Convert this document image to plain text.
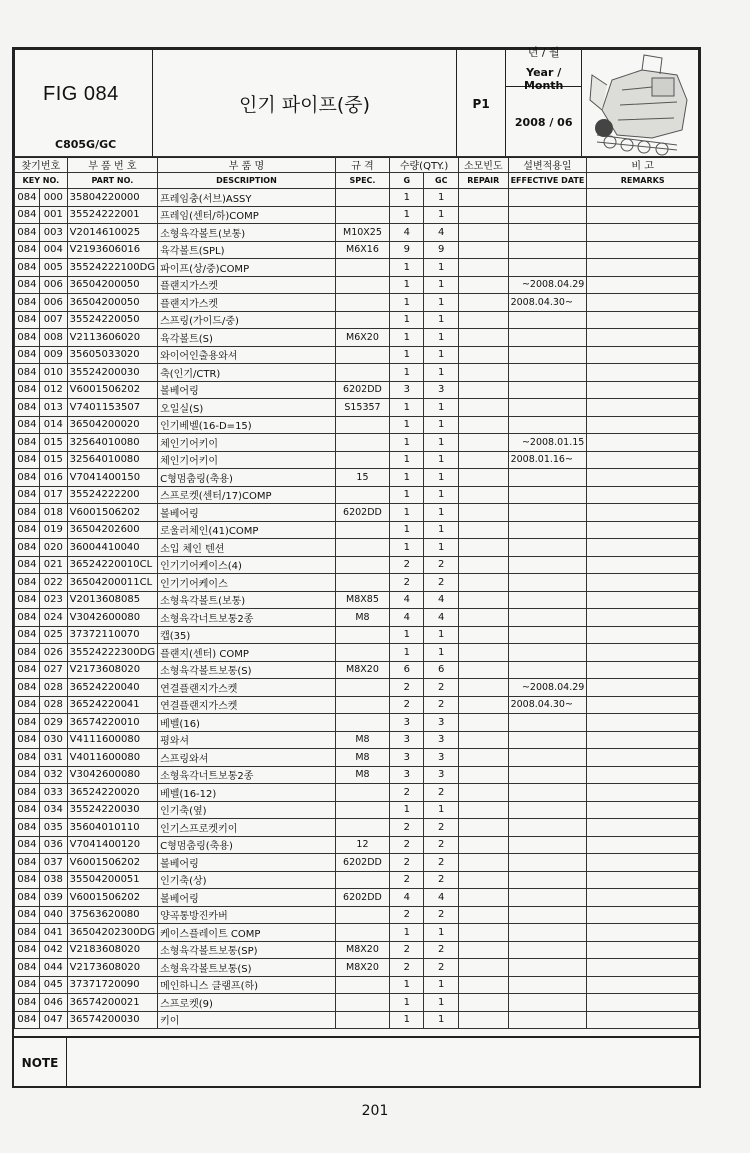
FIG 084
C805G/GC
	인기 파이프(중)	P1	
년 / 월
Year / Month
2008 / 06

찾기번호		부 품 번 호	부 품 명	규 격	수량(QTY.)		소모빈도	설변적용일	비 고
KEY NO.		PART NO.	DESCRIPTION	SPEC.	G	GC	REPAIR	EFFECTIVE DATE	REMARKS
084	000	35804220000	프레임충(서브)ASSY		1	1			
084	001	35524222001	프레임(센터/하)COMP		1	1			
084	003	V2014610025	소형육각볼트(보통)	M10X25	4	4			
084	004	V2193606016	육각볼트(SPL)	M6X16	9	9			
084	005	35524222100DG	파이프(상/중)COMP		1	1			
084	006	36504200050	플랜지가스켓		1	1		~2008.04.29	
084	006	36504200050	플랜지가스켓		1	1		2008.04.30~	
084	007	35524220050	스프링(가이드/중)		1	1			
084	008	V2113606020	육각볼트(S)	M6X20	1	1			
084	009	35605033020	와이어인출용와셔		1	1			
084	010	35524200030	축(인기/CTR)		1	1			
084	012	V6001506202	볼베어링	6202DD	3	3			
084	013	V7401153507	오일실(S)	S15357	1	1			
084	014	36504200020	인기베벨(16-D=15)		1	1			
084	015	32564010080	체인기어키이		1	1		~2008.01.15	
084	015	32564010080	체인기어키이		1	1		2008.01.16~	
084	016	V7041400150	C형멈춤링(축용)	15	1	1			
084	017	35524222200	스프로켓(센터/17)COMP		1	1			
084	018	V6001506202	볼베어링	6202DD	1	1			
084	019	36504202600	로울러체인(41)COMP		1	1			
084	020	36004410040	소입 체인 텐션		1	1			
084	021	36524220010CL	인기기어케이스(4)		2	2			
084	022	36504200011CL	인기기어케이스		2	2			
084	023	V2013608085	소형육각볼트(보통)	M8X85	4	4			
084	024	V3042600080	소형육각너트보통2종	M8	4	4			
084	025	37372110070	캡(35)		1	1			
084	026	35524222300DG	플랜지(센터) COMP		1	1			
084	027	V2173608020	소형육각볼트보통(S)	M8X20	6	6			
084	028	36524220040	연결플랜지가스켓		2	2		~2008.04.29	
084	028	36524220041	연결플랜지가스켓		2	2		2008.04.30~	
084	029	36574220010	베벨(16)		3	3			
084	030	V4111600080	평와셔	M8	3	3			
084	031	V4011600080	스프링와셔	M8	3	3			
084	032	V3042600080	소형육각너트보통2종	M8	3	3			
084	033	36524220020	베벨(16-12)		2	2			
084	034	35524220030	인기축(옆)		1	1			
084	035	35604010110	인기스프로켓키이		2	2			
084	036	V7041400120	C형멈춤링(축용)	12	2	2			
084	037	V6001506202	볼베어링	6202DD	2	2			
084	038	35504200051	인기축(상)		2	2			
084	039	V6001506202	볼베어링	6202DD	4	4			
084	040	37563620080	양곡통방진카버		2	2			
084	041	36504202300DG	케이스플레이트 COMP		1	1			
084	042	V2183608020	소형육각볼트보통(SP)	M8X20	2	2			
084	044	V2173608020	소형육각볼트보통(S)	M8X20	2	2			
084	045	37371720090	메인하니스 클램프(하)		1	1			
084	046	36574200021	스프로켓(9)		1	1			
084	047	36574200030	키이		1	1			
NOTE
201
